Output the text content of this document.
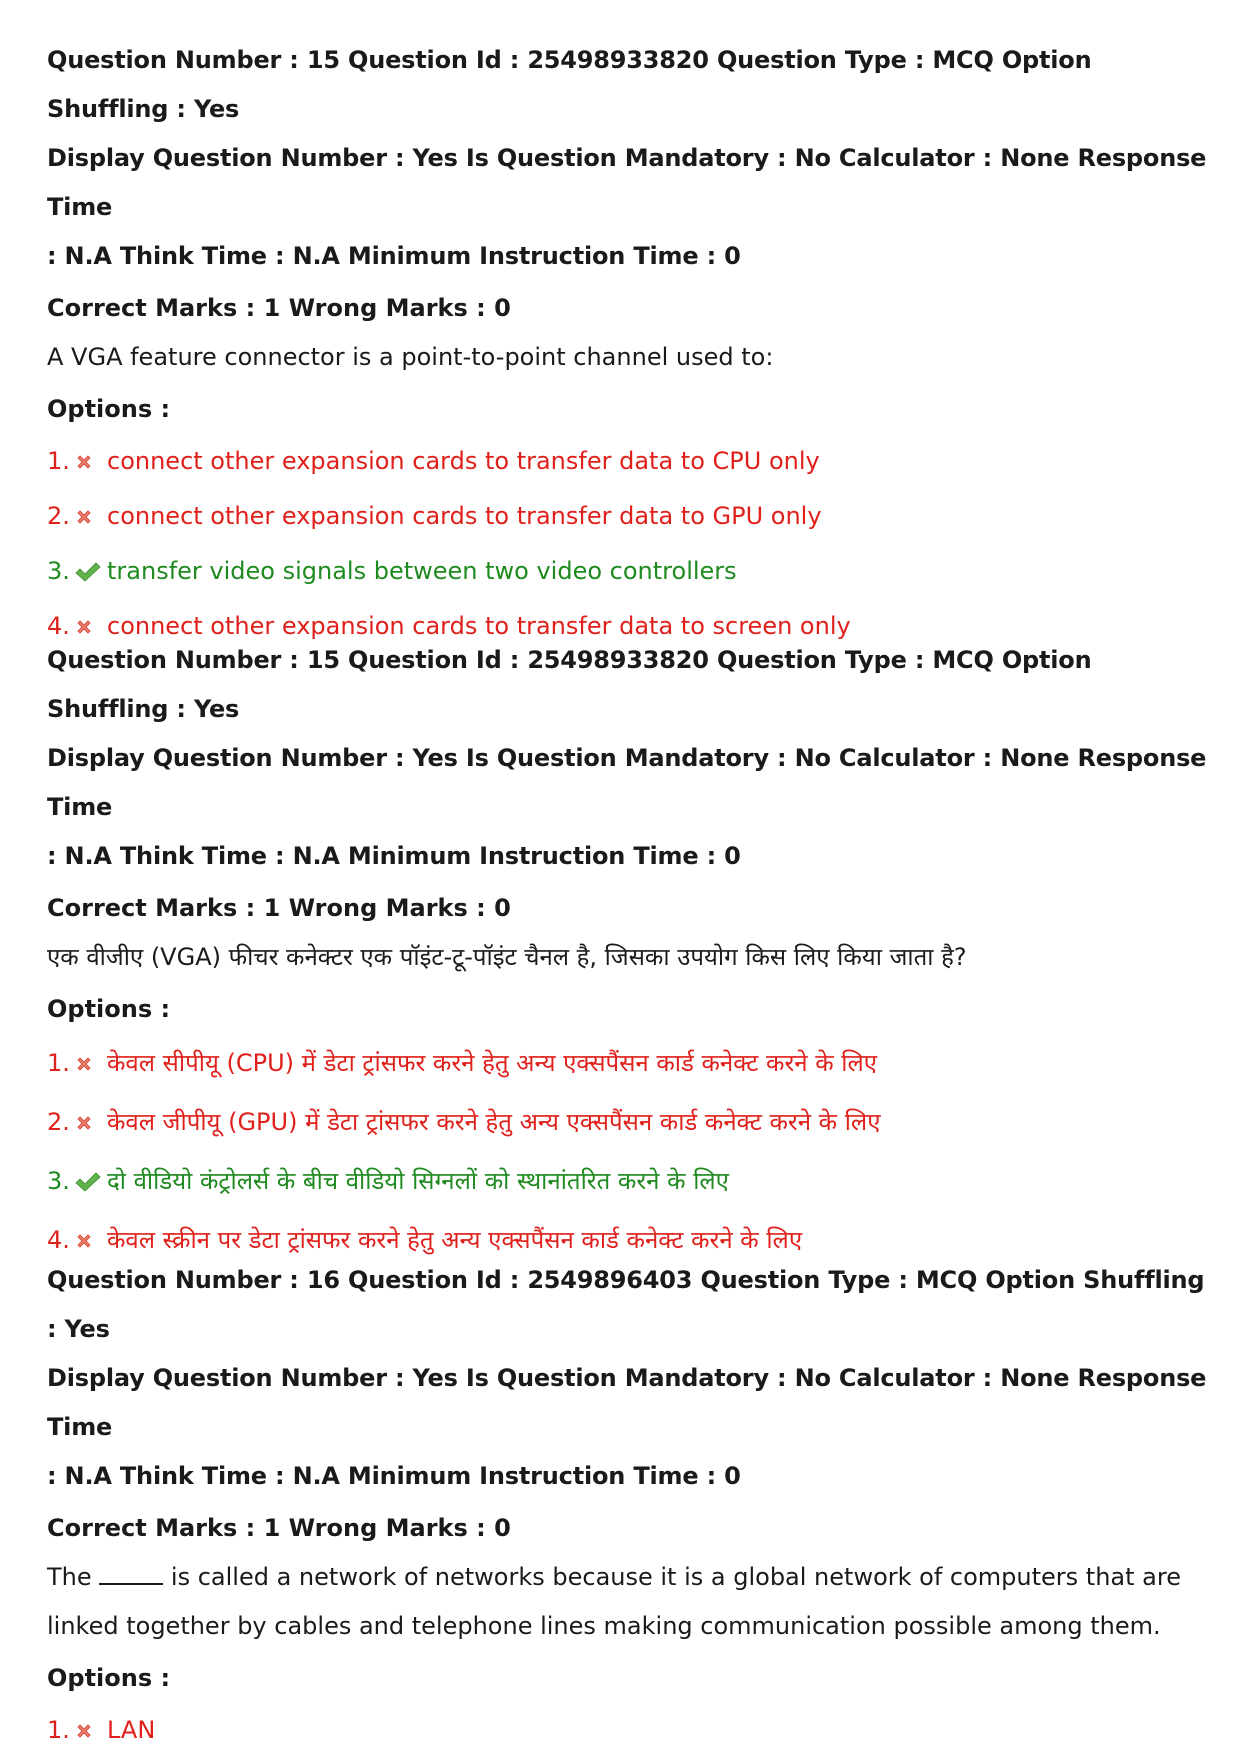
Question Number : 15 Question Id : 25498933820 Question Type : MCQ Option Shuffling : Yes
Display Question Number : Yes Is Question Mandatory : No Calculator : None Response Time
: N.A Think Time : N.A Minimum Instruction Time : 0
Correct Marks : 1 Wrong Marks : 0
A VGA feature connector is a point-to-point channel used to:
Options :
1. connect other expansion cards to transfer data to CPU only
2. connect other expansion cards to transfer data to GPU only
3. transfer video signals between two video controllers
4. connect other expansion cards to transfer data to screen only
Question Number : 15 Question Id : 25498933820 Question Type : MCQ Option Shuffling : Yes
Display Question Number : Yes Is Question Mandatory : No Calculator : None Response Time
: N.A Think Time : N.A Minimum Instruction Time : 0
Correct Marks : 1 Wrong Marks : 0
एक वीजीए (VGA) फीचर कनेक्टर एक पॉइंट-टू-पॉइंट चैनल है, जिसका उपयोग किस लिए किया जाता है?
Options :
1. केवल सीपीयू (CPU) में डेटा ट्रांसफर करने हेतु अन्य एक्सपैंसन कार्ड कनेक्ट करने के लिए
2. केवल जीपीयू (GPU) में डेटा ट्रांसफर करने हेतु अन्य एक्सपैंसन कार्ड कनेक्ट करने के लिए
3. दो वीडियो कंट्रोलर्स के बीच वीडियो सिग्नलों को स्थानांतरित करने के लिए
4. केवल स्क्रीन पर डेटा ट्रांसफर करने हेतु अन्य एक्सपैंसन कार्ड कनेक्ट करने के लिए
Question Number : 16 Question Id : 2549896403 Question Type : MCQ Option Shuffling : Yes
Display Question Number : Yes Is Question Mandatory : No Calculator : None Response Time
: N.A Think Time : N.A Minimum Instruction Time : 0
Correct Marks : 1 Wrong Marks : 0
The	is called a network of networks because it is a global network of computers that are linked together by cables and telephone lines making communication possible among them.
Options :
1. LAN
